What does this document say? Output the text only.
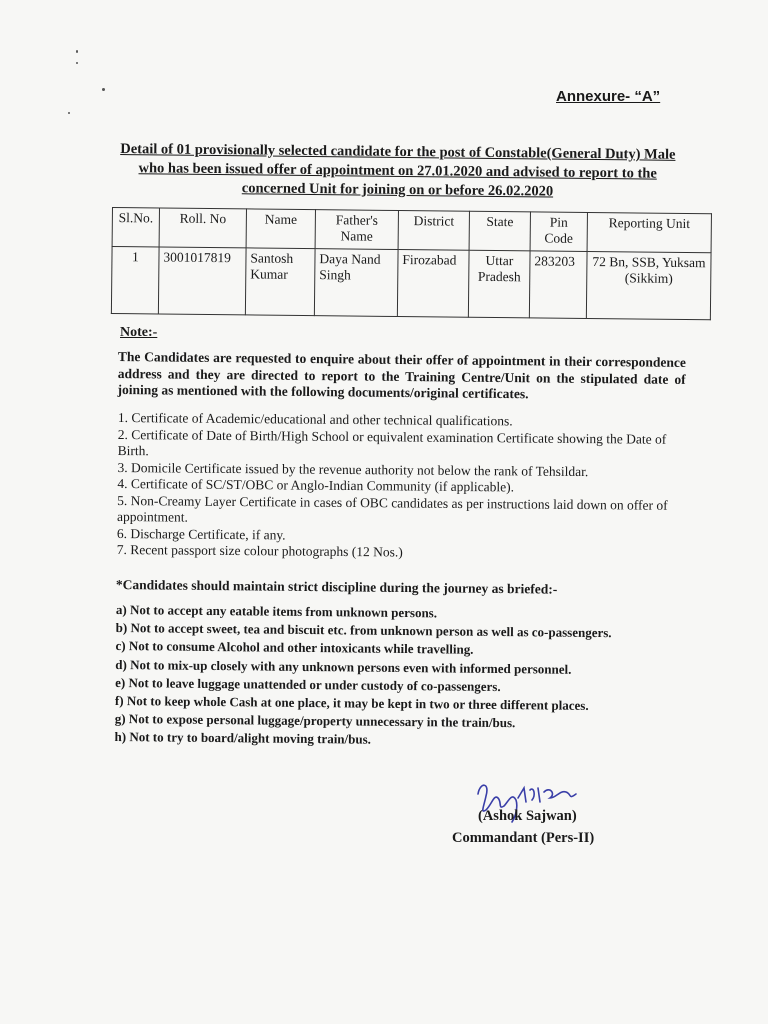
Annexure- “A”
Detail of 01 provisionally selected candidate for the post of Constable(General Duty) Male who has been issued offer of appointment on 27.01.2020 and advised to report to the concerned Unit for joining on or before 26.02.2020
Sl.No.	Roll. No	Name	Father's Name	District	State	Pin Code	Reporting Unit
1	3001017819	Santosh Kumar	Daya Nand Singh	Firozabad	Uttar Pradesh	283203	72 Bn, SSB, Yuksam (Sikkim)
Note:-
The Candidates are requested to enquire about their offer of appointment in their correspondence address and they are directed to report to the Training Centre/Unit on the stipulated date of joining as mentioned with the following documents/original certificates.
1. Certificate of Academic/educational and other technical qualifications.
2. Certificate of Date of Birth/High School or equivalent examination Certificate showing the Date of Birth.
3. Domicile Certificate issued by the revenue authority not below the rank of Tehsildar.
4. Certificate of SC/ST/OBC or Anglo-Indian Community (if applicable).
5. Non-Creamy Layer Certificate in cases of OBC candidates as per instructions laid down on offer of appointment.
6. Discharge Certificate, if any.
7. Recent passport size colour photographs (12 Nos.)
*Candidates should maintain strict discipline during the journey as briefed:-
a) Not to accept any eatable items from unknown persons.
b) Not to accept sweet, tea and biscuit etc. from unknown person as well as co-passengers.
c) Not to consume Alcohol and other intoxicants while travelling.
d) Not to mix-up closely with any unknown persons even with informed personnel.
e) Not to leave luggage unattended or under custody of co-passengers.
f) Not to keep whole Cash at one place, it may be kept in two or three different places.
g) Not to expose personal luggage/property unnecessary in the train/bus.
h) Not to try to board/alight moving train/bus.
(Ashok Sajwan)
Commandant (Pers-II)
